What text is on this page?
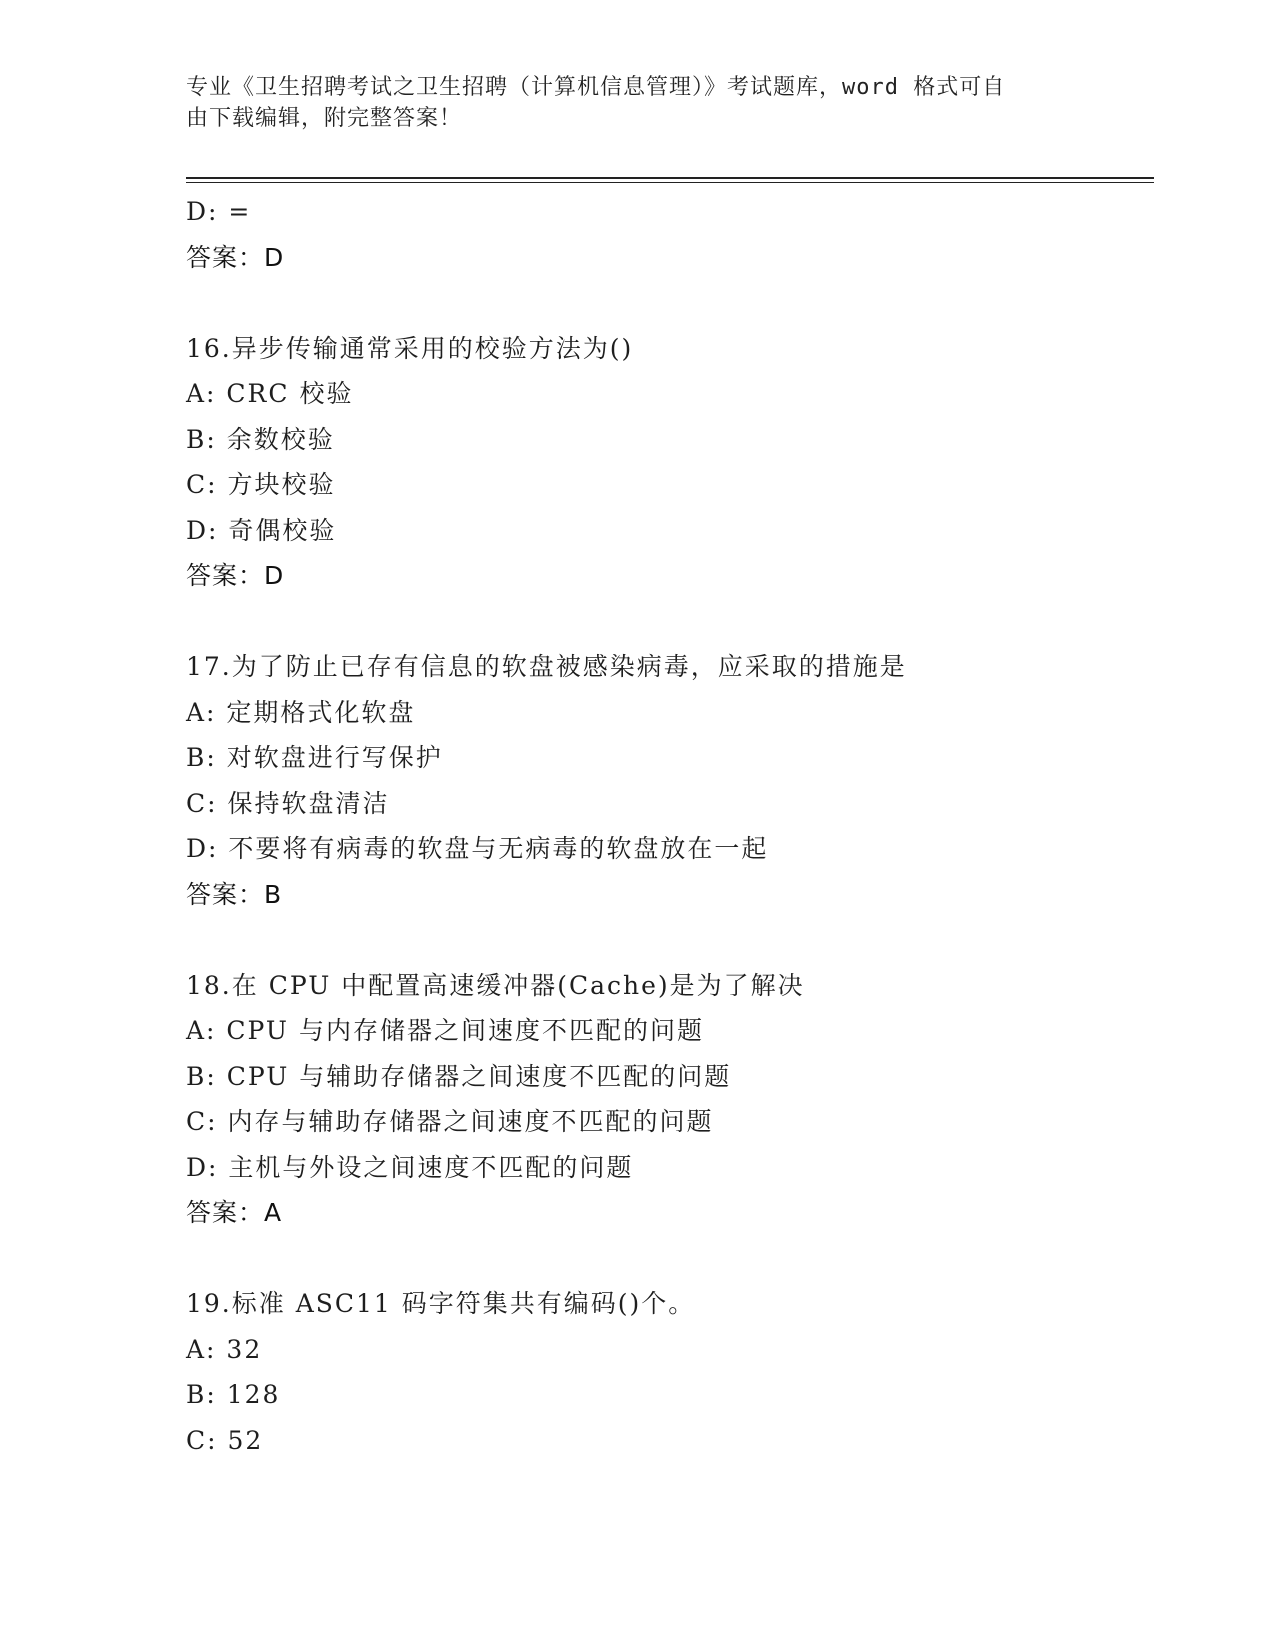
专业《卫生招聘考试之卫生招聘（计算机信息管理）》考试题库，word 格式可自
由下载编辑，附完整答案！
D: =
答案：D
16.异步传输通常采用的校验方法为()
A: CRC 校验
B: 余数校验
C: 方块校验
D: 奇偶校验
答案：D
17.为了防止已存有信息的软盘被感染病毒，应采取的措施是
A: 定期格式化软盘
B: 对软盘进行写保护
C: 保持软盘清洁
D: 不要将有病毒的软盘与无病毒的软盘放在一起
答案：B
18.在 CPU 中配置高速缓冲器(Cache)是为了解决
A: CPU 与内存储器之间速度不匹配的问题
B: CPU 与辅助存储器之间速度不匹配的问题
C: 内存与辅助存储器之间速度不匹配的问题
D: 主机与外设之间速度不匹配的问题
答案：A
19.标准 ASC11 码字符集共有编码()个。
A: 32
B: 128
C: 52
